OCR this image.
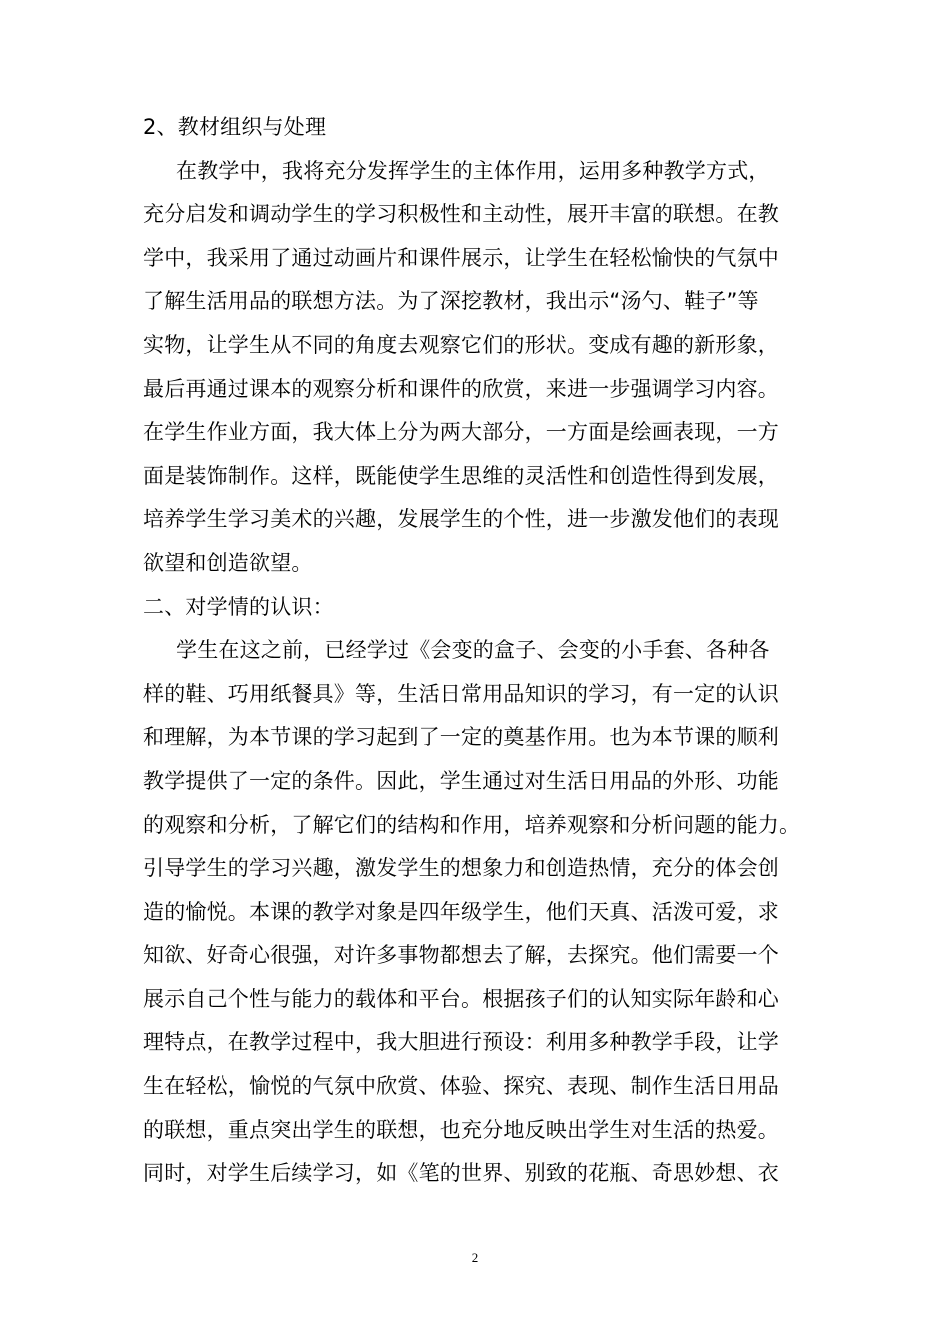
2、教材组织与处理
在教学中，我将充分发挥学生的主体作用，运用多种教学方式，
充分启发和调动学生的学习积极性和主动性，展开丰富的联想。在教
学中，我采用了通过动画片和课件展示，让学生在轻松愉快的气氛中
了解生活用品的联想方法。为了深挖教材，我出示“汤勺、鞋子”等
实物，让学生从不同的角度去观察它们的形状。变成有趣的新形象，
最后再通过课本的观察分析和课件的欣赏，来进一步强调学习内容。
在学生作业方面，我大体上分为两大部分，一方面是绘画表现，一方
面是装饰制作。这样，既能使学生思维的灵活性和创造性得到发展，
培养学生学习美术的兴趣，发展学生的个性，进一步激发他们的表现
欲望和创造欲望。
二、对学情的认识：
学生在这之前，已经学过《会变的盒子、会变的小手套、各种各
样的鞋、巧用纸餐具》等，生活日常用品知识的学习，有一定的认识
和理解，为本节课的学习起到了一定的奠基作用。也为本节课的顺利
教学提供了一定的条件。因此，学生通过对生活日用品的外形、功能
的观察和分析，了解它们的结构和作用，培养观察和分析问题的能力。
引导学生的学习兴趣，激发学生的想象力和创造热情，充分的体会创
造的愉悦。本课的教学对象是四年级学生，他们天真、活泼可爱，求
知欲、好奇心很强，对许多事物都想去了解，去探究。他们需要一个
展示自己个性与能力的载体和平台。根据孩子们的认知实际年龄和心
理特点，在教学过程中，我大胆进行预设：利用多种教学手段，让学
生在轻松，愉悦的气氛中欣赏、体验、探究、表现、制作生活日用品
的联想，重点突出学生的联想，也充分地反映出学生对生活的热爱。
同时，对学生后续学习，如《笔的世界、别致的花瓶、奇思妙想、衣
2
